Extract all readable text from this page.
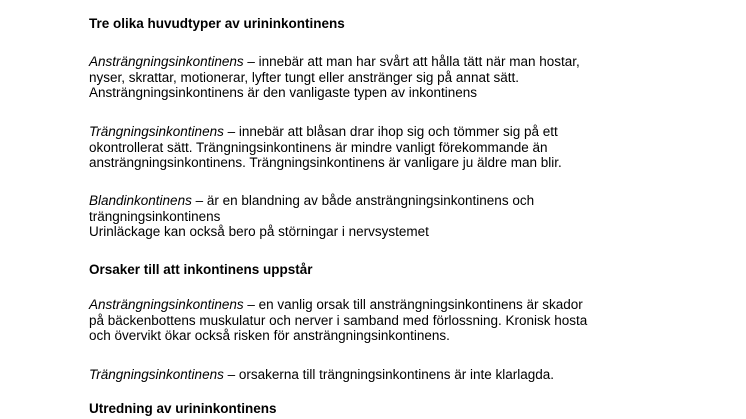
Tre olika huvudtyper av urininkontinens
Ansträngningsinkontinens – innebär att man har svårt att hålla tätt när man hostar,
nyser, skrattar, motionerar, lyfter tungt eller anstränger sig på annat sätt.
Ansträngningsinkontinens är den vanligaste typen av inkontinens
Trängningsinkontinens – innebär att blåsan drar ihop sig och tömmer sig på ett
okontrollerat sätt. Trängningsinkontinens är mindre vanligt förekommande än
ansträngningsinkontinens. Trängningsinkontinens är vanligare ju äldre man blir.
Blandinkontinens – är en blandning av både ansträngningsinkontinens och
trängningsinkontinens
Urinläckage kan också bero på störningar i nervsystemet
Orsaker till att inkontinens uppstår
Ansträngningsinkontinens – en vanlig orsak till ansträngningsinkontinens är skador
på bäckenbottens muskulatur och nerver i samband med förlossning. Kronisk hosta
och övervikt ökar också risken för ansträngningsinkontinens.
Trängningsinkontinens – orsakerna till trängningsinkontinens är inte klarlagda.
Utredning av urininkontinens
